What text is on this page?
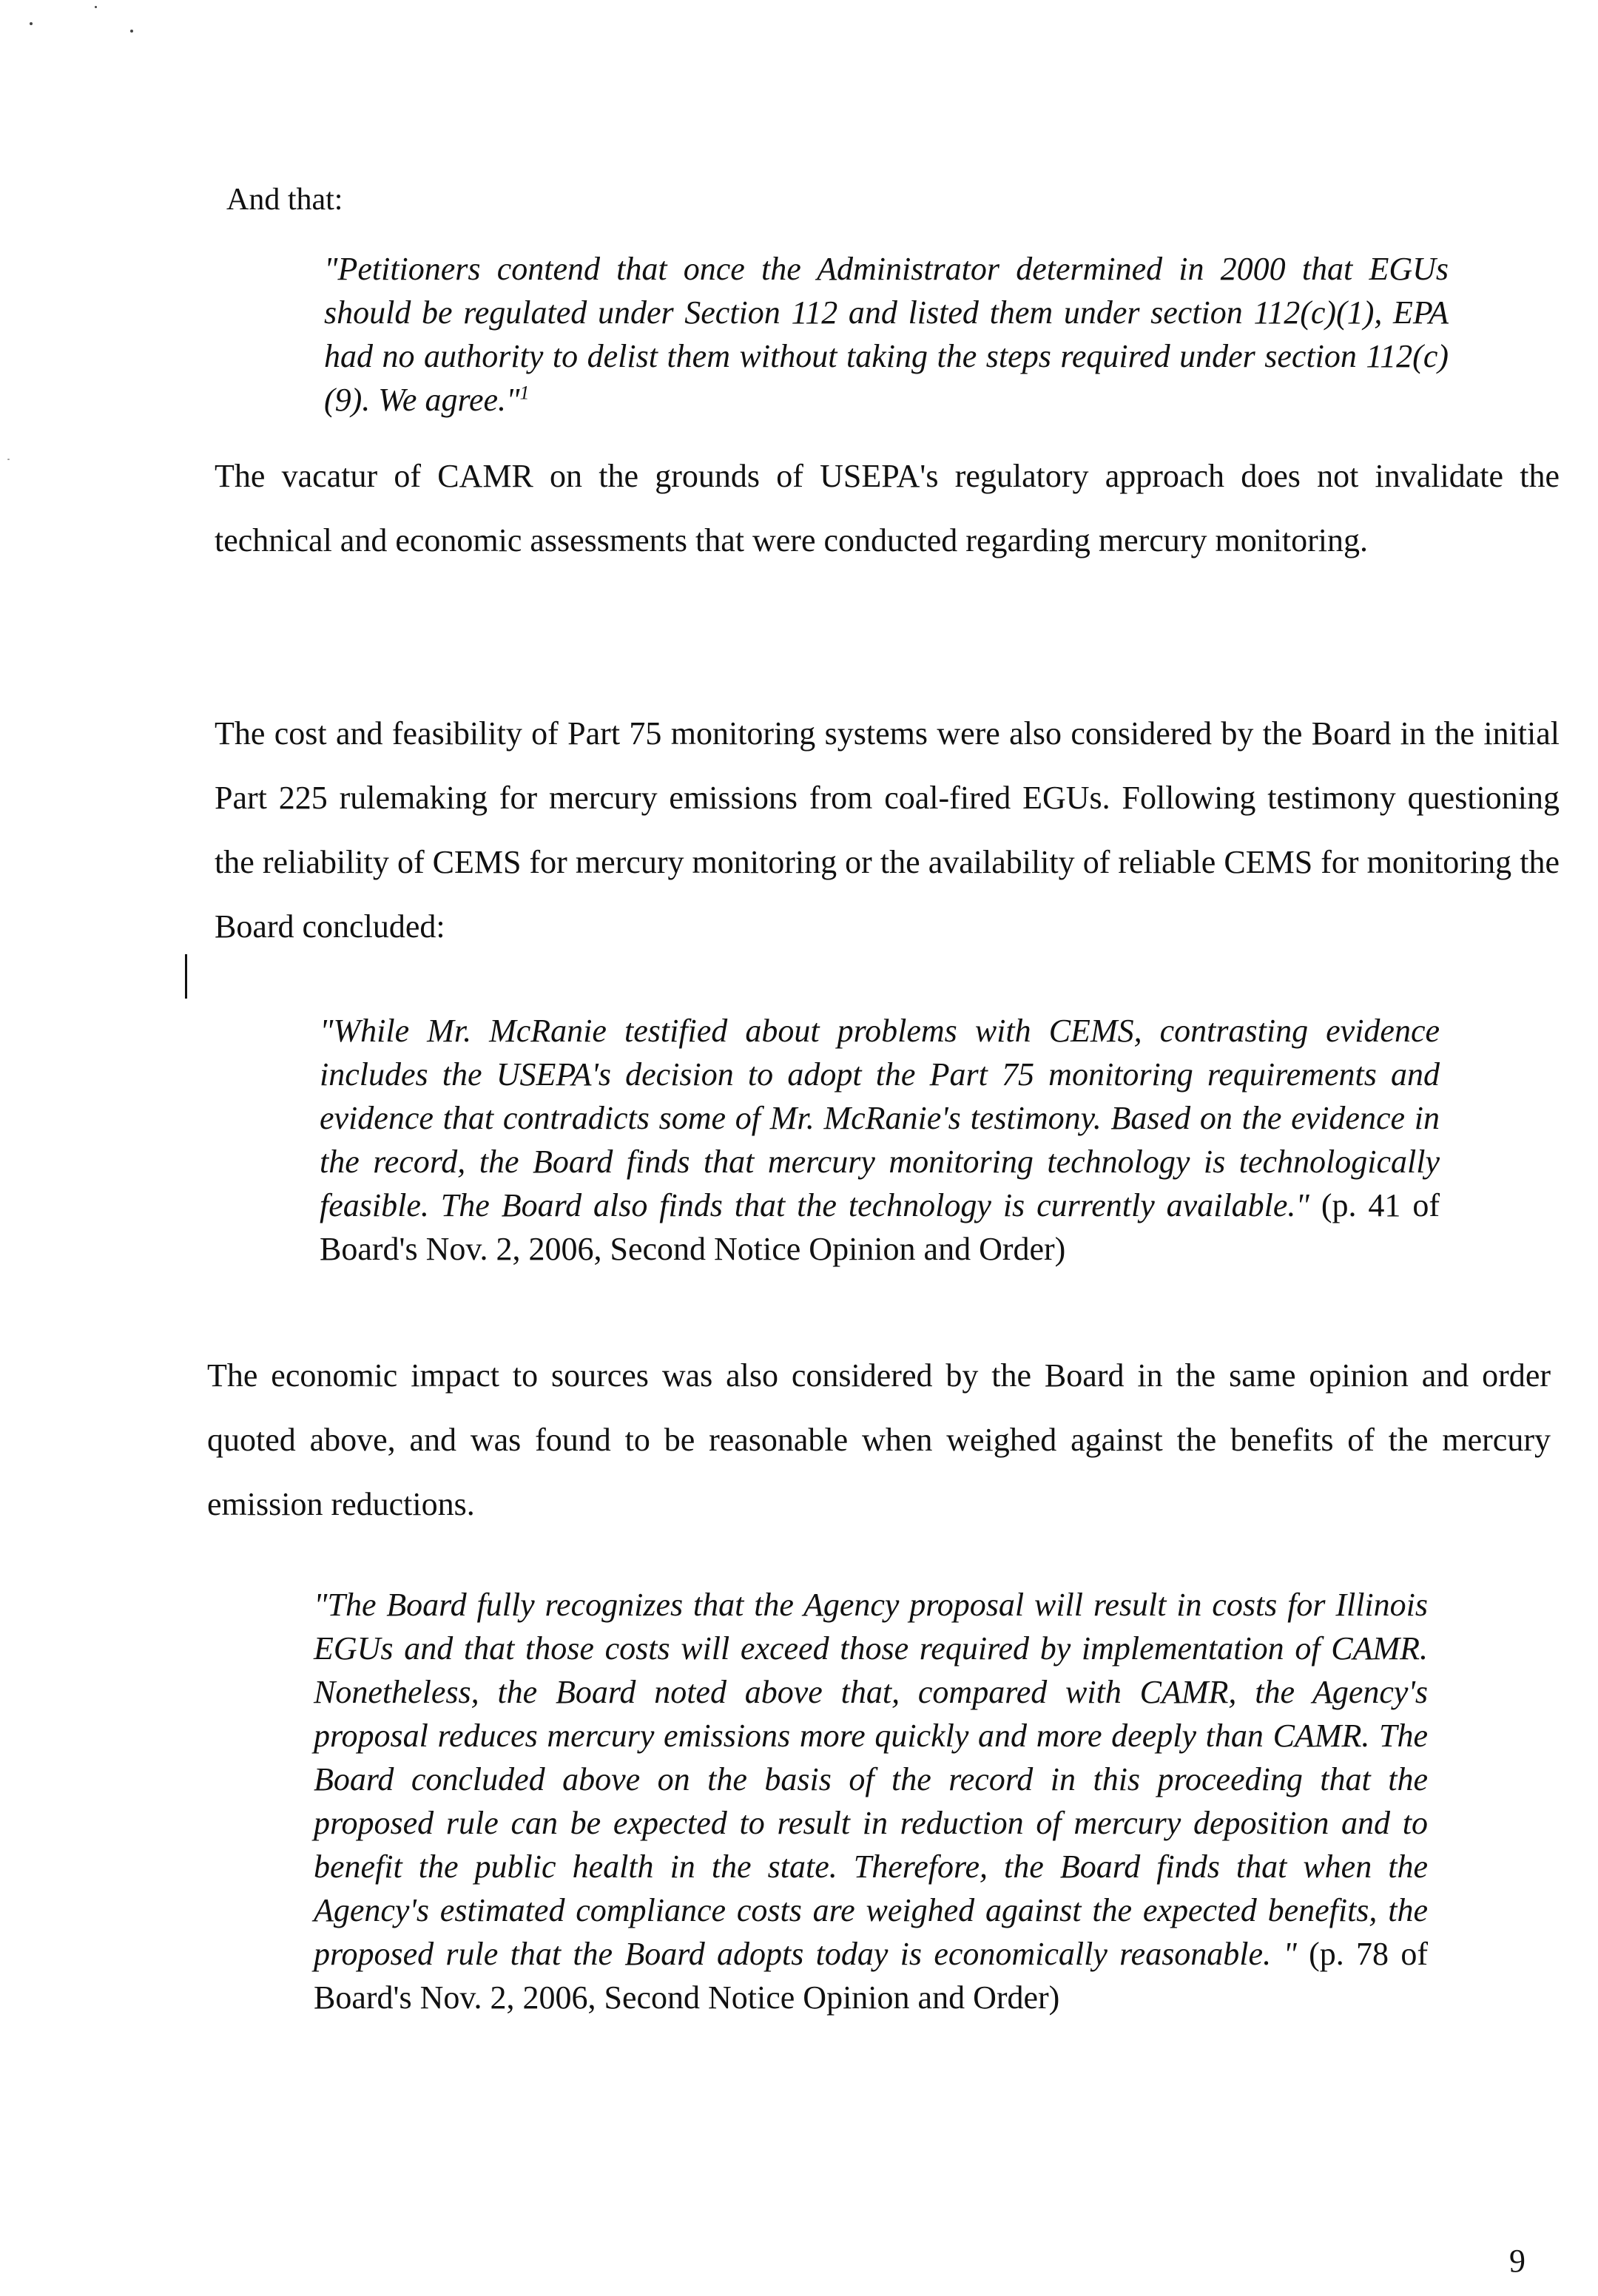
And that:
"Petitioners contend that once the Administrator determined in 2000 that EGUs should be regulated under Section 112 and listed them under section 112(c)(1), EPA had no authority to delist them without taking the steps required under section 112(c)(9). We agree."$^1$
The vacatur of CAMR on the grounds of USEPA's regulatory approach does not invalidate the technical and economic assessments that were conducted regarding mercury monitoring.
The cost and feasibility of Part 75 monitoring systems were also considered by the Board in the initial Part 225 rulemaking for mercury emissions from coal-fired EGUs. Following testimony questioning the reliability of CEMS for mercury monitoring or the availability of reliable CEMS for monitoring the Board concluded:
"While Mr. McRanie testified about problems with CEMS, contrasting evidence includes the USEPA's decision to adopt the Part 75 monitoring requirements and evidence that contradicts some of Mr. McRanie's testimony. Based on the evidence in the record, the Board finds that mercury monitoring technology is technologically feasible. The Board also finds that the technology is currently available." (p. 41 of Board's Nov. 2, 2006, Second Notice Opinion and Order)
The economic impact to sources was also considered by the Board in the same opinion and order quoted above, and was found to be reasonable when weighed against the benefits of the mercury emission reductions.
"The Board fully recognizes that the Agency proposal will result in costs for Illinois EGUs and that those costs will exceed those required by implementation of CAMR. Nonetheless, the Board noted above that, compared with CAMR, the Agency's proposal reduces mercury emissions more quickly and more deeply than CAMR. The Board concluded above on the basis of the record in this proceeding that the proposed rule can be expected to result in reduction of mercury deposition and to benefit the public health in the state. Therefore, the Board finds that when the Agency's estimated compliance costs are weighed against the expected benefits, the proposed rule that the Board adopts today is economically reasonable. " (p. 78 of Board's Nov. 2, 2006, Second Notice Opinion and Order)
9
